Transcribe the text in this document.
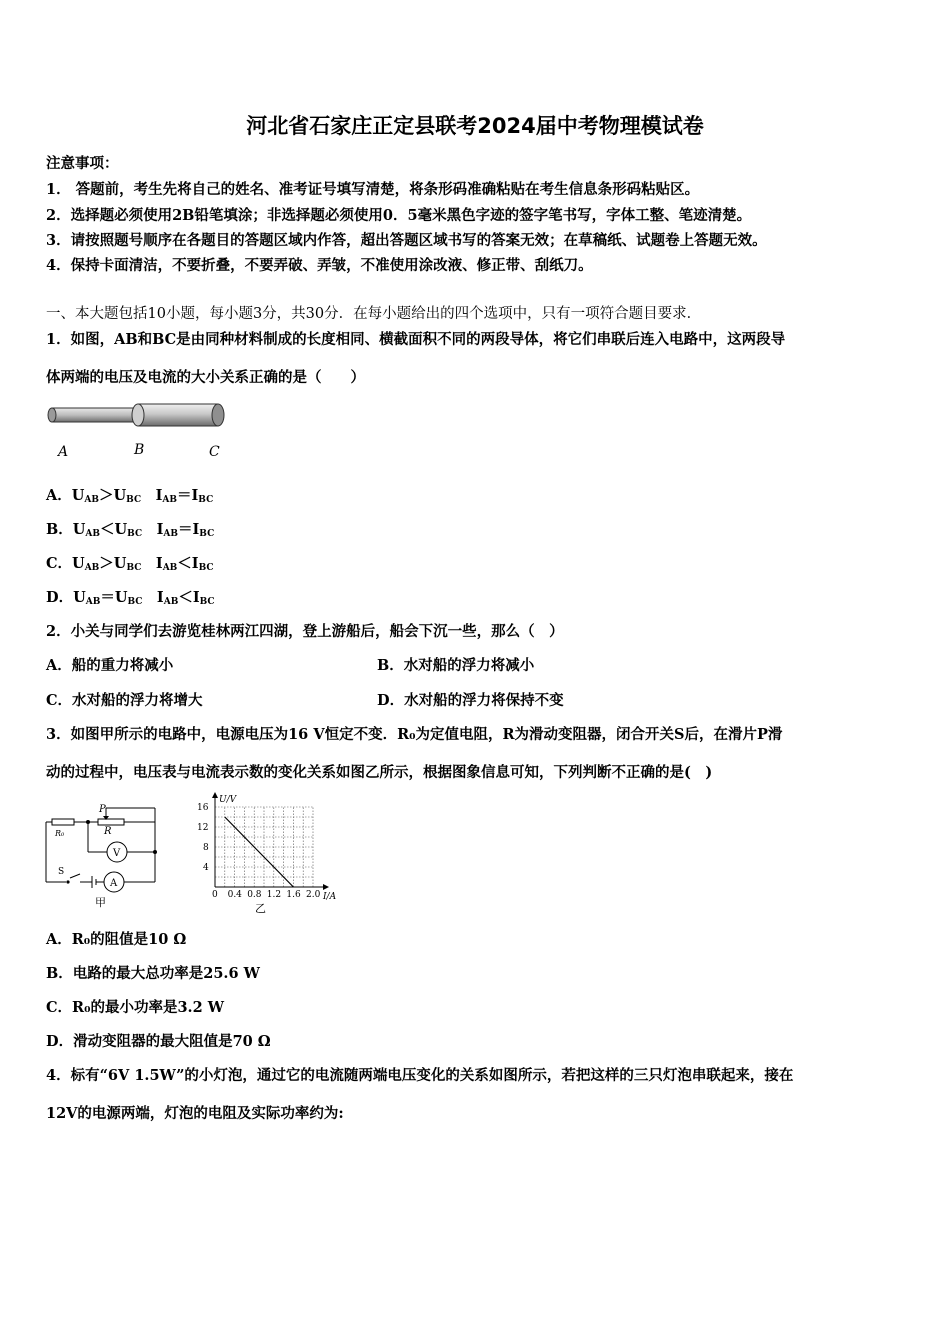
河北省石家庄正定县联考2024届中考物理模试卷
注意事项：
1． 答题前，考生先将自己的姓名、准考证号填写清楚，将条形码准确粘贴在考生信息条形码粘贴区。
2．选择题必须使用2B铅笔填涂；非选择题必须使用0．5毫米黑色字迹的签字笔书写，字体工整、笔迹清楚。
3．请按照题号顺序在各题目的答题区域内作答，超出答题区域书写的答案无效；在草稿纸、试题卷上答题无效。
4．保持卡面清洁，不要折叠，不要弄破、弄皱，不准使用涂改液、修正带、刮纸刀。
一、本大题包括10小题，每小题3分，共30分．在每小题给出的四个选项中，只有一项符合题目要求．
1．如图，AB和BC是由同种材料制成的长度相同、横截面积不同的两段导体，将它们串联后连入电路中，这两段导
体两端的电压及电流的大小关系正确的是（　　）
A	B	C
A．$U_{AB}>U_{BC}$　 $I_{AB}=I_{BC}$
B．$U_{AB}<U_{BC}$　 $I_{AB}=I_{BC}$
C．$U_{AB}>U_{BC}$　 $I_{AB}<I_{BC}$
D．$U_{AB}=U_{BC}$　 $I_{AB}<I_{BC}$
2．小关与同学们去游览桂林两江四湖，登上游船后，船会下沉一些，那么（　）
A．船的重力将减小	B．水对船的浮力将减小
C．水对船的浮力将增大	D．水对船的浮力将保持不变
3．如图甲所示的电路中，电源电压为16 V恒定不变．R₀为定值电阻，R为滑动变阻器，闭合开关S后，在滑片P滑
动的过程中，电压表与电流表示数的变化关系如图乙所示，根据图象信息可知，下列判断不正确的是(　)
P
R
R₀
V
A
S
甲
0 0.4 0.8 1.2 1.6 2.0
4
8
12
16
U/V
I/A
乙
A．R₀的阻值是10 Ω
B．电路的最大总功率是25.6 W
C．R₀的最小功率是3.2 W
D．滑动变阻器的最大阻值是70 Ω
4．标有“6V 1.5W”的小灯泡，通过它的电流随两端电压变化的关系如图所示，若把这样的三只灯泡串联起来，接在
12V的电源两端，灯泡的电阻及实际功率约为:
